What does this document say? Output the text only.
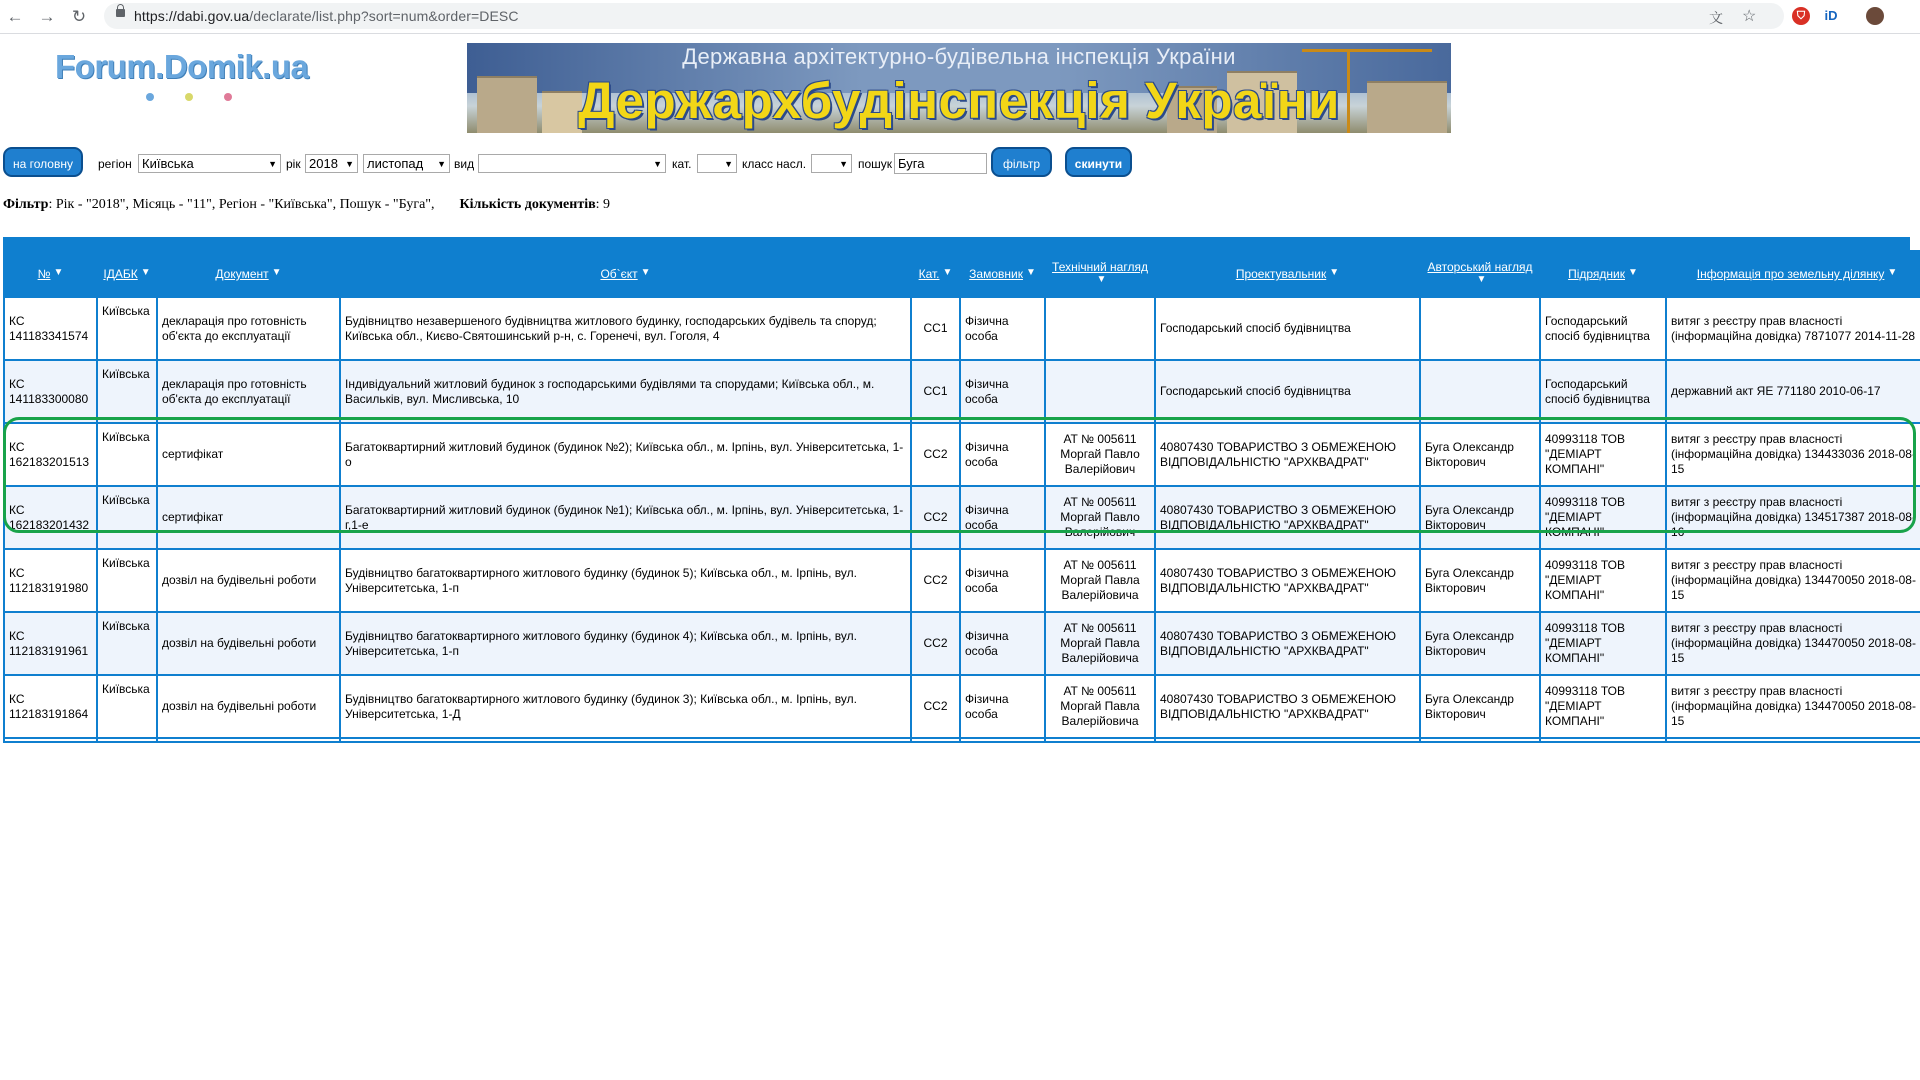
← → ↻	https://dabi.gov.ua/declarate/list.php?sort=num&order=DESC	文 ☆	⛉	iD	●
Forum.Domik.ua	Державна архітектурно-будівельна інспекція України
Держархбудінспекція України
на головну	регіон Київська	▼ рік 2018 ▼	листопад ▼ вид	▼ кат.	▼ класс насл.	▼ пошук Буга	фільтр	скинути
Фільтр: Рік - "2018", Місяць - "11", Регіон - "Київська", Пошук - "Буга", Кількість документів: 9
№ ▼	ІДАБК ▼	Документ ▼	Об`єкт ▼	Кат. ▼	Замовник ▼	Технічний нагляд▼	Проектувальник ▼	Авторський нагляд▼	Підрядник ▼	Інформація про земельну ділянку ▼
КС 141183341574	Київська	декларація про готовність об'єкта до експлуатації	Будівництво незавершеного будівництва житлового будинку, господарських будівель та споруд; Київська обл., Києво-Святошинський р-н, с. Горенечі, вул. Гоголя, 4	СС1	Фізична особа		Господарський спосіб будівництва		Господарський спосіб будівництва	витяг з реєстру прав власності (інформаційна довідка) 7871077 2014-11-28
КС 141183300080	Київська	декларація про готовність об'єкта до експлуатації	Індивідуальний житловий будинок з господарськими будівлями та спорудами; Київська обл., м. Васильків, вул. Мисливська, 10	СС1	Фізична особа		Господарський спосіб будівництва		Господарський спосіб будівництва	державний акт ЯЕ 771180 2010-06-17
КС 162183201513	Київська	сертифікат	Багатоквартирний житловий будинок (будинок №2); Київська обл., м. Ірпінь, вул. Університетська, 1-о	СС2	Фізична особа	АТ № 005611 Моргай Павло Валерійович	40807430 ТОВАРИСТВО З ОБМЕЖЕНОЮ ВІДПОВІДАЛЬНІСТЮ "АРХКВАДРАТ"	Буга Олександр Вікторович	40993118 ТОВ "ДЕМІАРТ КОМПАНІ"	витяг з реєстру прав власності (інформаційна довідка) 134433036 2018-08-15
КС 162183201432	Київська	сертифікат	Багатоквартирний житловий будинок (будинок №1); Київська обл., м. Ірпінь, вул. Університетська, 1-г,1-е	СС2	Фізична особа	АТ № 005611 Моргай Павло Валерійович	40807430 ТОВАРИСТВО З ОБМЕЖЕНОЮ ВІДПОВІДАЛЬНІСТЮ "АРХКВАДРАТ"	Буга Олександр Вікторович	40993118 ТОВ "ДЕМІАРТ КОМПАНІ"	витяг з реєстру прав власності (інформаційна довідка) 134517387 2018-08-16
КС 112183191980	Київська	дозвіл на будівельні роботи	Будівництво багатоквартирного житлового будинку (будинок 5); Київська обл., м. Ірпінь, вул. Університетська, 1-п	СС2	Фізична особа	АТ № 005611 Моргай Павла Валерійовича	40807430 ТОВАРИСТВО З ОБМЕЖЕНОЮ ВІДПОВІДАЛЬНІСТЮ "АРХКВАДРАТ"	Буга Олександр Вікторович	40993118 ТОВ "ДЕМІАРТ КОМПАНІ"	витяг з реєстру прав власності (інформаційна довідка) 134470050 2018-08-15
КС 112183191961	Київська	дозвіл на будівельні роботи	Будівництво багатоквартирного житлового будинку (будинок 4); Київська обл., м. Ірпінь, вул. Університетська, 1-п	СС2	Фізична особа	АТ № 005611 Моргай Павла Валерійовича	40807430 ТОВАРИСТВО З ОБМЕЖЕНОЮ ВІДПОВІДАЛЬНІСТЮ "АРХКВАДРАТ"	Буга Олександр Вікторович	40993118 ТОВ "ДЕМІАРТ КОМПАНІ"	витяг з реєстру прав власності (інформаційна довідка) 134470050 2018-08-15
КС 112183191864	Київська	дозвіл на будівельні роботи	Будівництво багатоквартирного житлового будинку (будинок 3); Київська обл., м. Ірпінь, вул. Університетська, 1-Д	СС2	Фізична особа	АТ № 005611 Моргай Павла Валерійовича	40807430 ТОВАРИСТВО З ОБМЕЖЕНОЮ ВІДПОВІДАЛЬНІСТЮ "АРХКВАДРАТ"	Буга Олександр Вікторович	40993118 ТОВ "ДЕМІАРТ КОМПАНІ"	витяг з реєстру прав власності (інформаційна довідка) 134470050 2018-08-15
